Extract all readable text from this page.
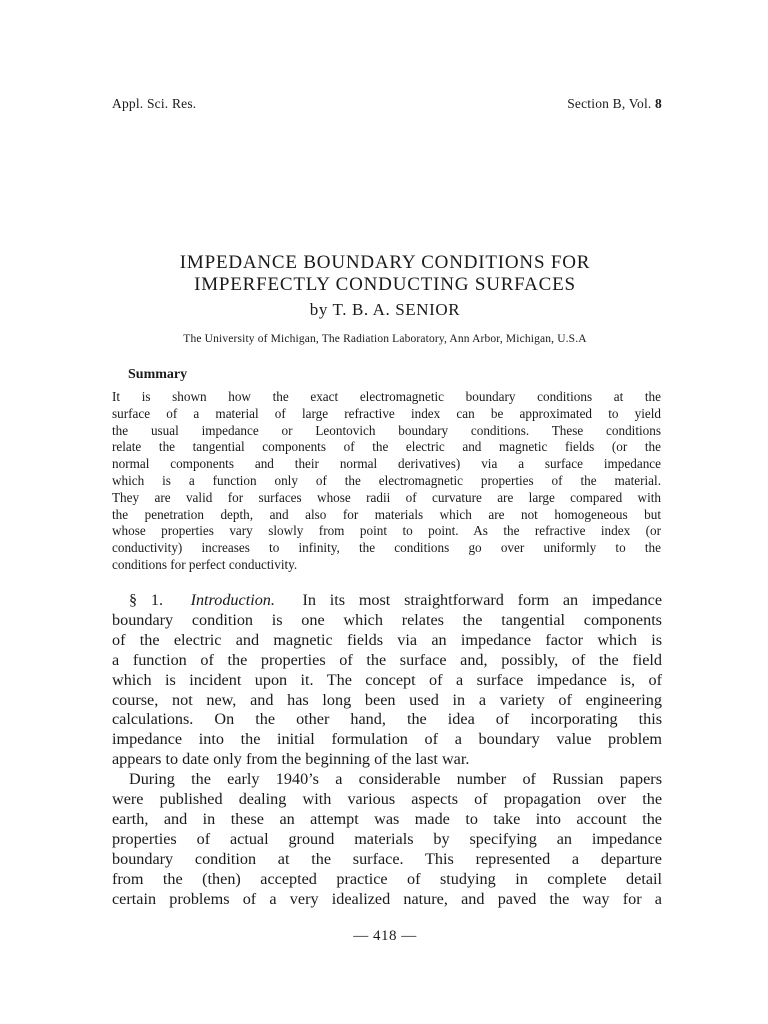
Appl. Sci. Res.	Section B, Vol. 8
IMPEDANCE BOUNDARY CONDITIONS FOR
IMPERFECTLY CONDUCTING SURFACES
by T. B. A. SENIOR
The University of Michigan, The Radiation Laboratory, Ann Arbor, Michigan, U.S.A
Summary
It is shown how the exact electromagnetic boundary conditions at the
surface of a material of large refractive index can be approximated to yield
the usual impedance or Leontovich boundary conditions. These conditions
relate the tangential components of the electric and magnetic fields (or the
normal components and their normal derivatives) via a surface impedance
which is a function only of the electromagnetic properties of the material.
They are valid for surfaces whose radii of curvature are large compared with
the penetration depth, and also for materials which are not homogeneous but
whose properties vary slowly from point to point. As the refractive index (or
conductivity) increases to infinity, the conditions go over uniformly to the
conditions for perfect conductivity.
§ 1. Introduction. In its most straightforward form an impedance
boundary condition is one which relates the tangential components
of the electric and magnetic fields via an impedance factor which is
a function of the properties of the surface and, possibly, of the field
which is incident upon it. The concept of a surface impedance is, of
course, not new, and has long been used in a variety of engineering
calculations. On the other hand, the idea of incorporating this
impedance into the initial formulation of a boundary value problem
appears to date only from the beginning of the last war.
During the early 1940’s a considerable number of Russian papers
were published dealing with various aspects of propagation over the
earth, and in these an attempt was made to take into account the
properties of actual ground materials by specifying an impedance
boundary condition at the surface. This represented a departure
from the (then) accepted practice of studying in complete detail
certain problems of a very idealized nature, and paved the way for a
— 418 —
